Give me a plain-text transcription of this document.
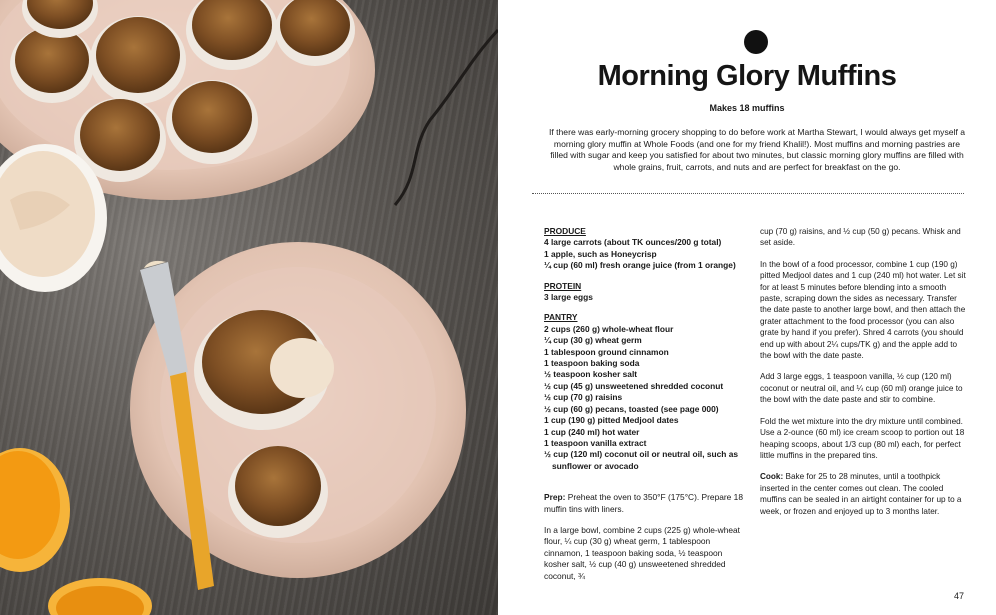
Morning Glory Muffins
Makes 18 muffins
If there was early-morning grocery shopping to do before work at Martha Stewart, I would always get myself a morning glory muffin at Whole Foods (and one for my friend Khalil!). Most muffins and morning pastries are filled with sugar and keep you satisfied for about two minutes, but classic morning glory muffins are filled with whole grains, fruit, carrots, and nuts and are perfect for breakfast on the go.

PRODUCE

4 large carrots (about TK ounces/200 g total)
1 apple, such as Honeycrisp
¼ cup (60 ml) fresh orange juice (from 1 orange)

PROTEIN

3 large eggs

PANTRY

2 cups (260 g) whole-wheat flour
¼ cup (30 g) wheat germ
1 tablespoon ground cinnamon
1 teaspoon baking soda
½ teaspoon kosher salt
½ cup (45 g) unsweetened shredded coconut
½ cup (70 g) raisins
½ cup (60 g) pecans, toasted (see page 000)
1 cup (190 g) pitted Medjool dates
1 cup (240 ml) hot water
1 teaspoon vanilla extract
½ cup (120 ml) coconut oil or neutral oil, such as sunflower or avocado

Prep: Preheat the oven to 350°F (175°C). Prepare 18 muffin tins with liners.

In a large bowl, combine 2 cups (225 g) whole-wheat flour, ¼ cup (30 g) wheat germ, 1 tablespoon cinnamon, 1 teaspoon baking soda, ½ teaspoon kosher salt, ½ cup (40 g) unsweetened shredded coconut, ¾

cup (70 g) raisins, and ½ cup (50 g) pecans. Whisk and set aside.

In the bowl of a food processor, combine 1 cup (190 g) pitted Medjool dates and 1 cup (240 ml) hot water. Let sit for at least 5 minutes before blending into a smooth paste, scraping down the sides as necessary. Transfer the date paste to another large bowl, and then attach the grater attachment to the food processor (you can also grate by hand if you prefer). Shred 4 carrots (you should end up with about 2¼ cups/TK g) and the apple add to the bowl with the date paste.

Add 3 large eggs, 1 teaspoon vanilla, ½ cup (120 ml) coconut or neutral oil, and ¼ cup (60 ml) orange juice to the bowl with the date paste and stir to combine.

Fold the wet mixture into the dry mixture until combined. Use a 2-ounce (60 ml) ice cream scoop to portion out 18 heaping scoops, about 1/3 cup (80 ml) each, for perfect little muffins in the prepared tins.

Cook: Bake for 25 to 28 minutes, until a toothpick inserted in the center comes out clean. The cooled muffins can be sealed in an airtight container for up to a week, or frozen and enjoyed up to 3 months later.

47
